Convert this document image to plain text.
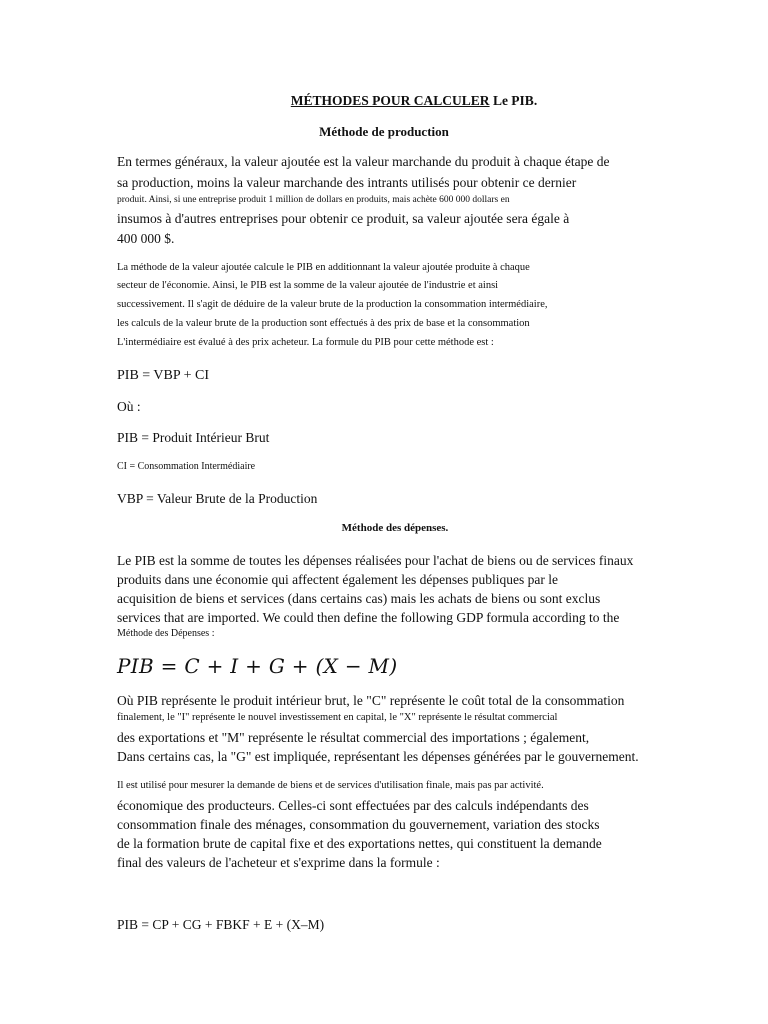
MÉTHODES POUR CALCULER Le PIB.
Méthode de production
En termes généraux, la valeur ajoutée est la valeur marchande du produit à chaque étape de
sa production, moins la valeur marchande des intrants utilisés pour obtenir ce dernier
produit. Ainsi, si une entreprise produit 1 million de dollars en produits, mais achète 600 000 dollars en
insumos à d'autres entreprises pour obtenir ce produit, sa valeur ajoutée sera égale à
400 000 $.
La méthode de la valeur ajoutée calcule le PIB en additionnant la valeur ajoutée produite à chaque
secteur de l'économie. Ainsi, le PIB est la somme de la valeur ajoutée de l'industrie et ainsi
successivement. Il s'agit de déduire de la valeur brute de la production la consommation intermédiaire,
les calculs de la valeur brute de la production sont effectués à des prix de base et la consommation
L'intermédiaire est évalué à des prix acheteur. La formule du PIB pour cette méthode est :
PIB = VBP + CI
Où :
PIB = Produit Intérieur Brut
CI = Consommation Intermédiaire
VBP = Valeur Brute de la Production
Méthode des dépenses.
Le PIB est la somme de toutes les dépenses réalisées pour l'achat de biens ou de services finaux
produits dans une économie qui affectent également les dépenses publiques par le
acquisition de biens et services (dans certains cas) mais les achats de biens ou sont exclus
services that are imported. We could then define the following GDP formula according to the
Méthode des Dépenses :
PIB = C + I + G + (X − M)
Où PIB représente le produit intérieur brut, le "C" représente le coût total de la consommation
finalement, le "I" représente le nouvel investissement en capital, le "X" représente le résultat commercial
des exportations et "M" représente le résultat commercial des importations ; également,
Dans certains cas, la "G" est impliquée, représentant les dépenses générées par le gouvernement.
Il est utilisé pour mesurer la demande de biens et de services d'utilisation finale, mais pas par activité.
économique des producteurs. Celles-ci sont effectuées par des calculs indépendants des
consommation finale des ménages, consommation du gouvernement, variation des stocks
de la formation brute de capital fixe et des exportations nettes, qui constituent la demande
final des valeurs de l'acheteur et s'exprime dans la formule :
PIB = CP + CG + FBKF + E + (X–M)
